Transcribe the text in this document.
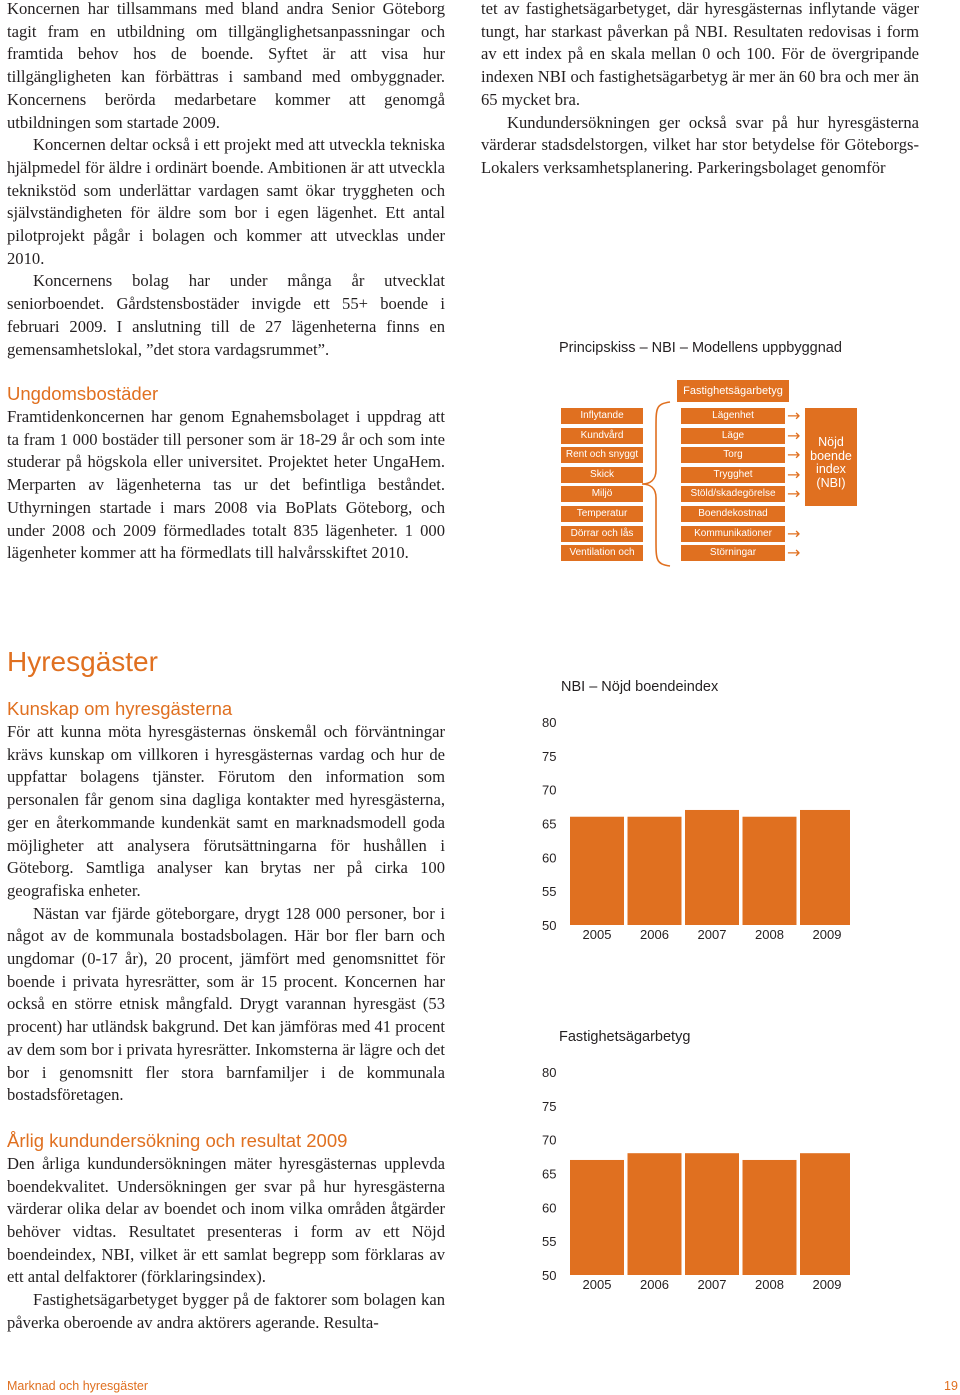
Koncernen har tillsammans med bland andra Senior Göteborg tagit fram en utbildning om tillgänglighetsanpassningar och framtida behov hos de boende. Syftet är att visa hur tillgängligheten kan förbättras i samband med ombyggnader. Koncernens berörda medarbetare kommer att genomgå utbildningen som startade 2009.

Koncernen deltar också i ett projekt med att utveckla tekniska hjälpmedel för äldre i ordinärt boende. Ambitionen är att utveckla teknikstöd som underlättar vardagen samt ökar tryggheten och självständigheten för äldre som bor i egen lägenhet. Ett antal pilotprojekt pågår i bolagen och kommer att utvecklas under 2010.

Koncernens bolag har under många år utvecklat seniorboendet. Gårdstensbostäder invigde ett 55+ boende i februari 2009. I anslutning till de 27 lägenheterna finns en gemensamhetslokal, ”det stora vardagsrummet”.

Ungdomsbostäder

Framtidenkoncernen har genom Egnahemsbolaget i uppdrag att ta fram 1 000 bostäder till personer som är 18-29 år och som inte studerar på högskola eller universitet. Projektet heter UngaHem. Merparten av lägenheterna tas ur det befintliga beståndet. Uthyrningen startade i mars 2008 via BoPlats Göteborg, och under 2008 och 2009 förmedlades totalt 835 lägenheter. 1 000 lägenheter kommer att ha förmedlats till halvårsskiftet 2010.

tet av fastighetsägarbetyget, där hyresgästernas inflytande väger tungt, har starkast påverkan på NBI. Resultaten redovisas i form av ett index på en skala mellan 0 och 100. För de övergripande indexen NBI och fastighetsägarbetyg är mer än 60 bra och mer än 65 mycket bra.

Kundundersökningen ger också svar på hur hyresgästerna värderar stadsdelstorgen, vilket har stor betydelse för Göteborgs-Lokalers verksamhetsplanering. Parkeringsbolaget genomför

Principskiss – NBI – Modellens uppbyggnad
Fastighetsägarbetyg
Inflytande
Kundvård
Rent och snyggt
Skick
Miljö
Temperatur
Dörrar och lås
Ventilation och kök
Lägenhet	→
Läge	→
Torg	→
Trygghet	→
Stöld/skadegörelse →
Boendekostnad
Kommunikationer →
Störningar	→
Nöjd
boende
index
(NBI)
Hyresgäster
Kunskap om hyresgästerna

För att kunna möta hyresgästernas önskemål och förväntningar krävs kunskap om villkoren i hyresgästernas vardag och hur de uppfattar bolagens tjänster. Förutom den information som personalen får genom sina dagliga kontakter med hyresgästerna, ger en återkommande kundenkät samt en marknadsmodell goda möjligheter att analysera förutsättningarna för hushållen i Göteborg. Samtliga analyser kan brytas ner på cirka 100 geografiska enheter.

Nästan var fjärde göteborgare, drygt 128 000 personer, bor i något av de kommunala bostadsbolagen. Här bor fler barn och ungdomar (0-17 år), 20 procent, jämfört med genomsnittet för boende i privata hyresrätter, som är 15 procent. Koncernen har också en större etnisk mångfald. Drygt varannan hyresgäst (53 procent) har utländsk bakgrund. Det kan jämföras med 41 procent av dem som bor i privata hyresrätter. Inkomsterna är lägre och det bor i genomsnitt fler stora barnfamiljer i de kommunala bostadsföretagen.

Årlig kundundersökning och resultat 2009

Den årliga kundundersökningen mäter hyresgästernas upplevda boendekvalitet. Undersökningen ger svar på hur hyresgästerna värderar olika delar av boendet och inom vilka områden åtgärder behöver vidtas. Resultatet presenteras i form av ett Nöjd boendeindex, NBI, vilket är ett samlat begrepp som förklaras av ett antal delfaktorer (förklaringsindex).

Fastighetsägarbetyget bygger på de faktorer som bolagen kan påverka oberoende av andra aktörers agerande. Resulta-

NBI – Nöjd boendeindex
80
75
70
65
60
55
50
2005 2006 2007 2008 2009
Fastighetsägarbetyg
80
75
70
65
60
55
50
2005 2006 2007 2008 2009
Marknad och hyresgäster	19
